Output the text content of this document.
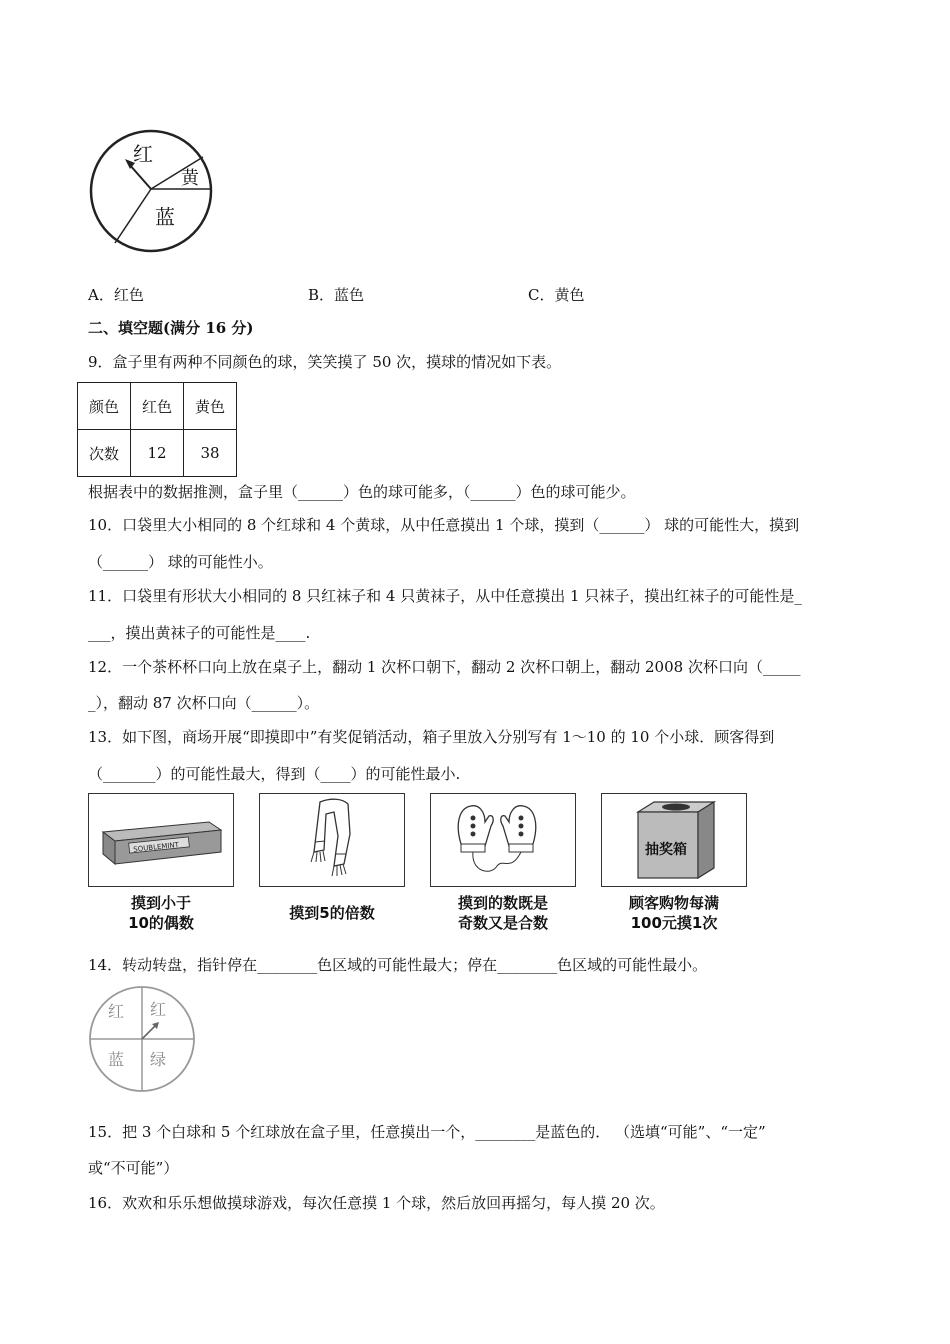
红
黄
蓝
A．红色	B．蓝色	C．黄色
二、填空题(满分 16 分)
9．盒子里有两种不同颜色的球，笑笑摸了 50 次，摸球的情况如下表。
颜色	红色	黄色
次数	12	38
根据表中的数据推测，盒子里（______）色的球可能多，（______）色的球可能少。
10．口袋里大小相同的 8 个红球和 4 个黄球，从中任意摸出 1 个球，摸到（______） 球的可能性大，摸到
（______） 球的可能性小。
11．口袋里有形状大小相同的 8 只红袜子和 4 只黄袜子，从中任意摸出 1 只袜子，摸出红袜子的可能性是_
___，摸出黄袜子的可能性是____.
12．一个茶杯杯口向上放在桌子上，翻动 1 次杯口朝下，翻动 2 次杯口朝上，翻动 2008 次杯口向（_____
_），翻动 87 次杯口向（______）。
13．如下图，商场开展“即摸即中”有奖促销活动，箱子里放入分别写有 1～10 的 10 个小球．顾客得到
（_______）的可能性最大，得到（____）的可能性最小.
SOUBLEMINT	抽奖箱
摸到小于
10的偶数
摸到5的倍数
摸到的数既是
奇数又是合数
顾客购物每满
100元摸1次
14．转动转盘，指针停在________色区域的可能性最大；停在________色区域的可能性最小。
红 红
蓝 绿
15．把 3 个白球和 5 个红球放在盒子里，任意摸出一个，________是蓝色的． （选填“可能”、“一定”
或“不可能”）
16．欢欢和乐乐想做摸球游戏，每次任意摸 1 个球，然后放回再摇匀，每人摸 20 次。
